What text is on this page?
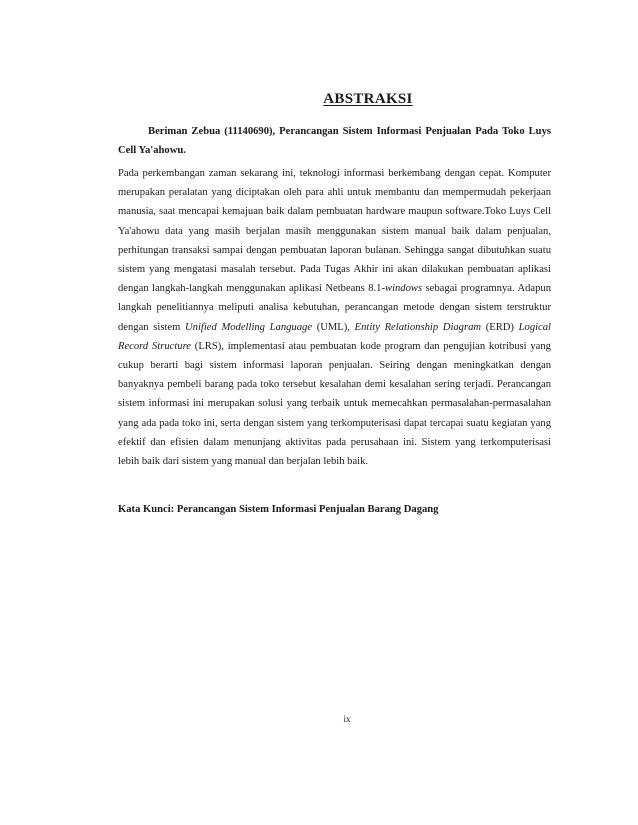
ABSTRAKSI
Beriman Zebua (11140690), Perancangan Sistem Informasi Penjualan Pada Toko Luys Cell Ya'ahowu.
Pada perkembangan zaman sekarang ini, teknologi informasi berkembang dengan cepat. Komputer merupakan peralatan yang diciptakan oleh para ahli untuk membantu dan mempermudah pekerjaan manusia, saat mencapai kemajuan baik dalam pembuatan hardware maupun software.Toko Luys Cell Ya'ahowu data yang masih berjalan masih menggunakan sistem manual baik dalam penjualan, perhitungan transaksi sampai dengan pembuatan laporan bulanan. Sehingga sangat dibutuhkan suatu sistem yang mengatasi masalah tersebut. Pada Tugas Akhir ini akan dilakukan pembuatan aplikasi dengan langkah-langkah menggunakan aplikasi Netbeans 8.1-windows sebagai programnya. Adapun langkah penelitiannya meliputi analisa kebutuhan, perancangan metode dengan sistem terstruktur dengan sistem Unified Modelling Language (UML), Entity Relationship Diagram (ERD) Logical Record Structure (LRS), implementasi atau pembuatan kode program dan pengujian kotribusi yang cukup berarti bagi sistem informasi laporan penjualan. Seiring dengan meningkatkan dengan banyaknya pembeli barang pada toko tersebut kesalahan demi kesalahan sering terjadi. Perancangan sistem informasi ini merupakan solusi yang terbaik untuk memecahkan permasalahan-permasalahan yang ada pada toko ini, serta dengan sistem yang terkomputerisasi dapat tercapai suatu kegiatan yang efektif dan efisien dalam menunjang aktivitas pada perusahaan ini. Sistem yang terkomputerisasi lebih baik dari sistem yang manual dan berjalan lebih baik.
Kata Kunci: Perancangan Sistem Informasi Penjualan Barang Dagang
ix
